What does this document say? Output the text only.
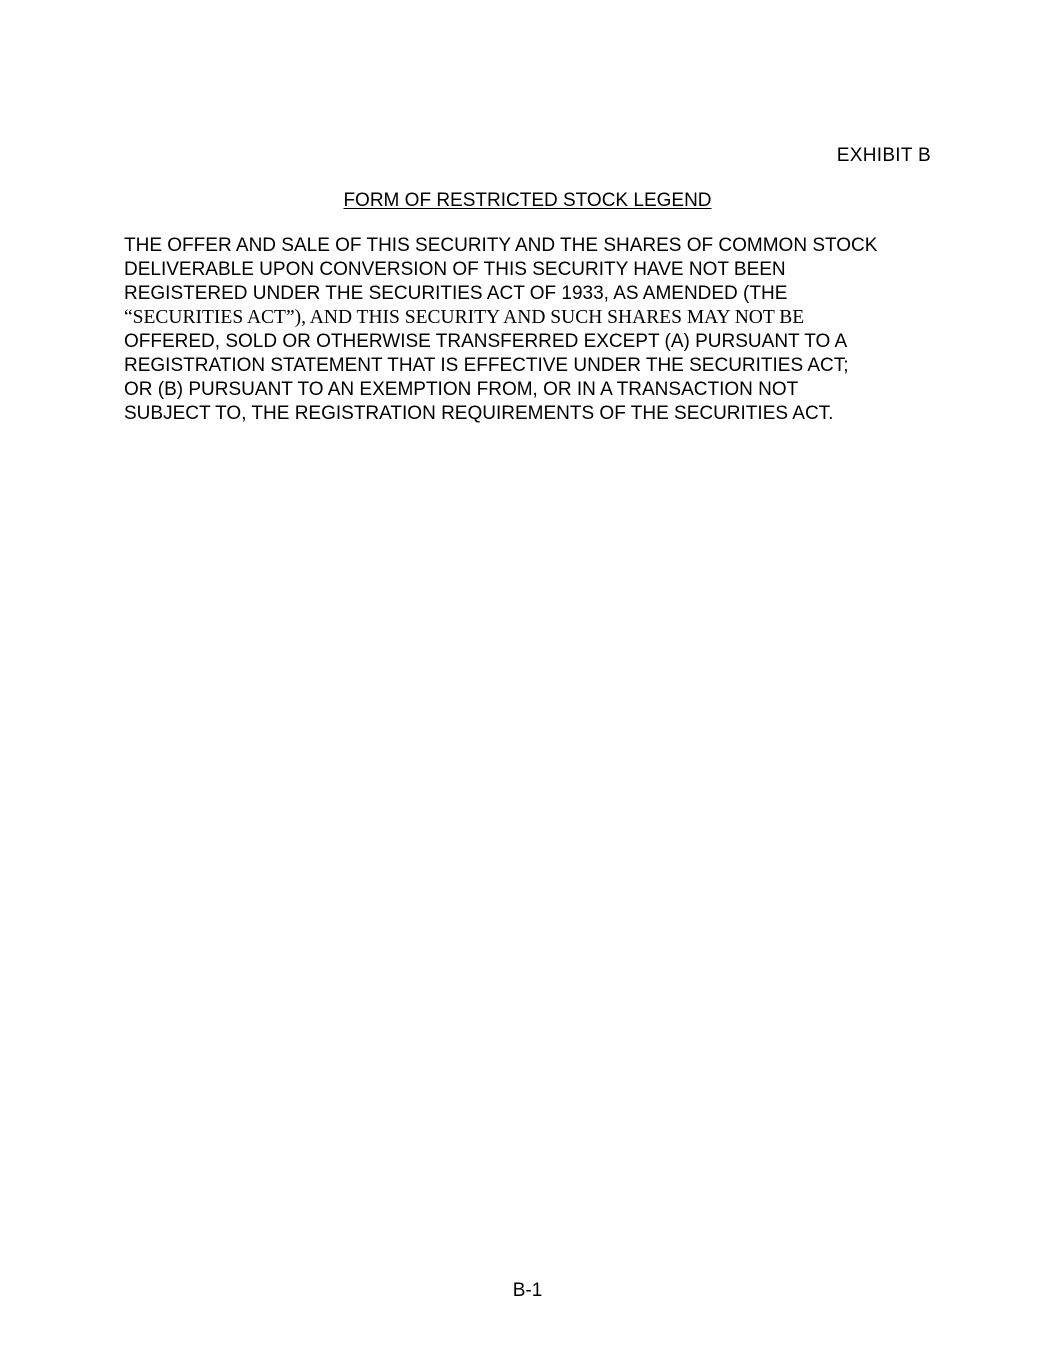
EXHIBIT B
FORM OF RESTRICTED STOCK LEGEND
THE OFFER AND SALE OF THIS SECURITY AND THE SHARES OF COMMON STOCK
DELIVERABLE UPON CONVERSION OF THIS SECURITY HAVE NOT BEEN
REGISTERED UNDER THE SECURITIES ACT OF 1933, AS AMENDED (THE
“SECURITIES ACT”), AND THIS SECURITY AND SUCH SHARES MAY NOT BE
OFFERED, SOLD OR OTHERWISE TRANSFERRED EXCEPT (A) PURSUANT TO A
REGISTRATION STATEMENT THAT IS EFFECTIVE UNDER THE SECURITIES ACT;
OR (B) PURSUANT TO AN EXEMPTION FROM, OR IN A TRANSACTION NOT
SUBJECT TO, THE REGISTRATION REQUIREMENTS OF THE SECURITIES ACT.
B-1
